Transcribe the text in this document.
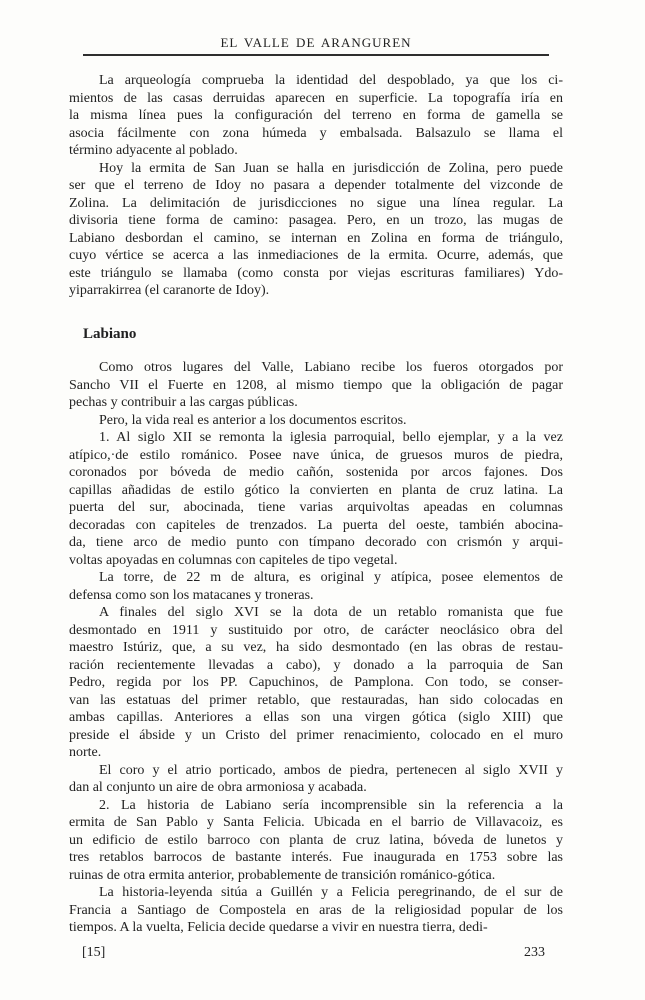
EL VALLE DE ARANGUREN
La arqueología comprueba la identidad del despoblado, ya que los ci-
mientos de las casas derruidas aparecen en superficie. La topografía iría en
la misma línea pues la configuración del terreno en forma de gamella se
asocia fácilmente con zona húmeda y embalsada. Balsazulo se llama el
término adyacente al poblado.
Hoy la ermita de San Juan se halla en jurisdicción de Zolina, pero puede
ser que el terreno de Idoy no pasara a depender totalmente del vizconde de
Zolina. La delimitación de jurisdicciones no sigue una línea regular. La
divisoria tiene forma de camino: pasagea. Pero, en un trozo, las mugas de
Labiano desbordan el camino, se internan en Zolina en forma de triángulo,
cuyo vértice se acerca a las inmediaciones de la ermita. Ocurre, además, que
este triángulo se llamaba (como consta por viejas escrituras familiares) Ydo-
yiparrakirrea (el caranorte de Idoy).
Labiano
Como otros lugares del Valle, Labiano recibe los fueros otorgados por
Sancho VII el Fuerte en 1208, al mismo tiempo que la obligación de pagar
pechas y contribuir a las cargas públicas.
Pero, la vida real es anterior a los documentos escritos.
1. Al siglo XII se remonta la iglesia parroquial, bello ejemplar, y a la vez
atípico,·de estilo románico. Posee nave única, de gruesos muros de piedra,
coronados por bóveda de medio cañón, sostenida por arcos fajones. Dos
capillas añadidas de estilo gótico la convierten en planta de cruz latina. La
puerta del sur, abocinada, tiene varias arquivoltas apeadas en columnas
decoradas con capiteles de trenzados. La puerta del oeste, también abocina-
da, tiene arco de medio punto con tímpano decorado con crismón y arqui-
voltas apoyadas en columnas con capiteles de tipo vegetal.
La torre, de 22 m de altura, es original y atípica, posee elementos de
defensa como son los matacanes y troneras.
A finales del siglo XVI se la dota de un retablo romanista que fue
desmontado en 1911 y sustituido por otro, de carácter neoclásico obra del
maestro Istúriz, que, a su vez, ha sido desmontado (en las obras de restau-
ración recientemente llevadas a cabo), y donado a la parroquia de San
Pedro, regida por los PP. Capuchinos, de Pamplona. Con todo, se conser-
van las estatuas del primer retablo, que restauradas, han sido colocadas en
ambas capillas. Anteriores a ellas son una virgen gótica (siglo XIII) que
preside el ábside y un Cristo del primer renacimiento, colocado en el muro
norte.
El coro y el atrio porticado, ambos de piedra, pertenecen al siglo XVII y
dan al conjunto un aire de obra armoniosa y acabada.
2. La historia de Labiano sería incomprensible sin la referencia a la
ermita de San Pablo y Santa Felicia. Ubicada en el barrio de Villavacoiz, es
un edificio de estilo barroco con planta de cruz latina, bóveda de lunetos y
tres retablos barrocos de bastante interés. Fue inaugurada en 1753 sobre las
ruinas de otra ermita anterior, probablemente de transición románico-gótica.
La historia-leyenda sitúa a Guillén y a Felicia peregrinando, de el sur de
Francia a Santiago de Compostela en aras de la religiosidad popular de los
tiempos. A la vuelta, Felicia decide quedarse a vivir en nuestra tierra, dedi-
[15]	233
